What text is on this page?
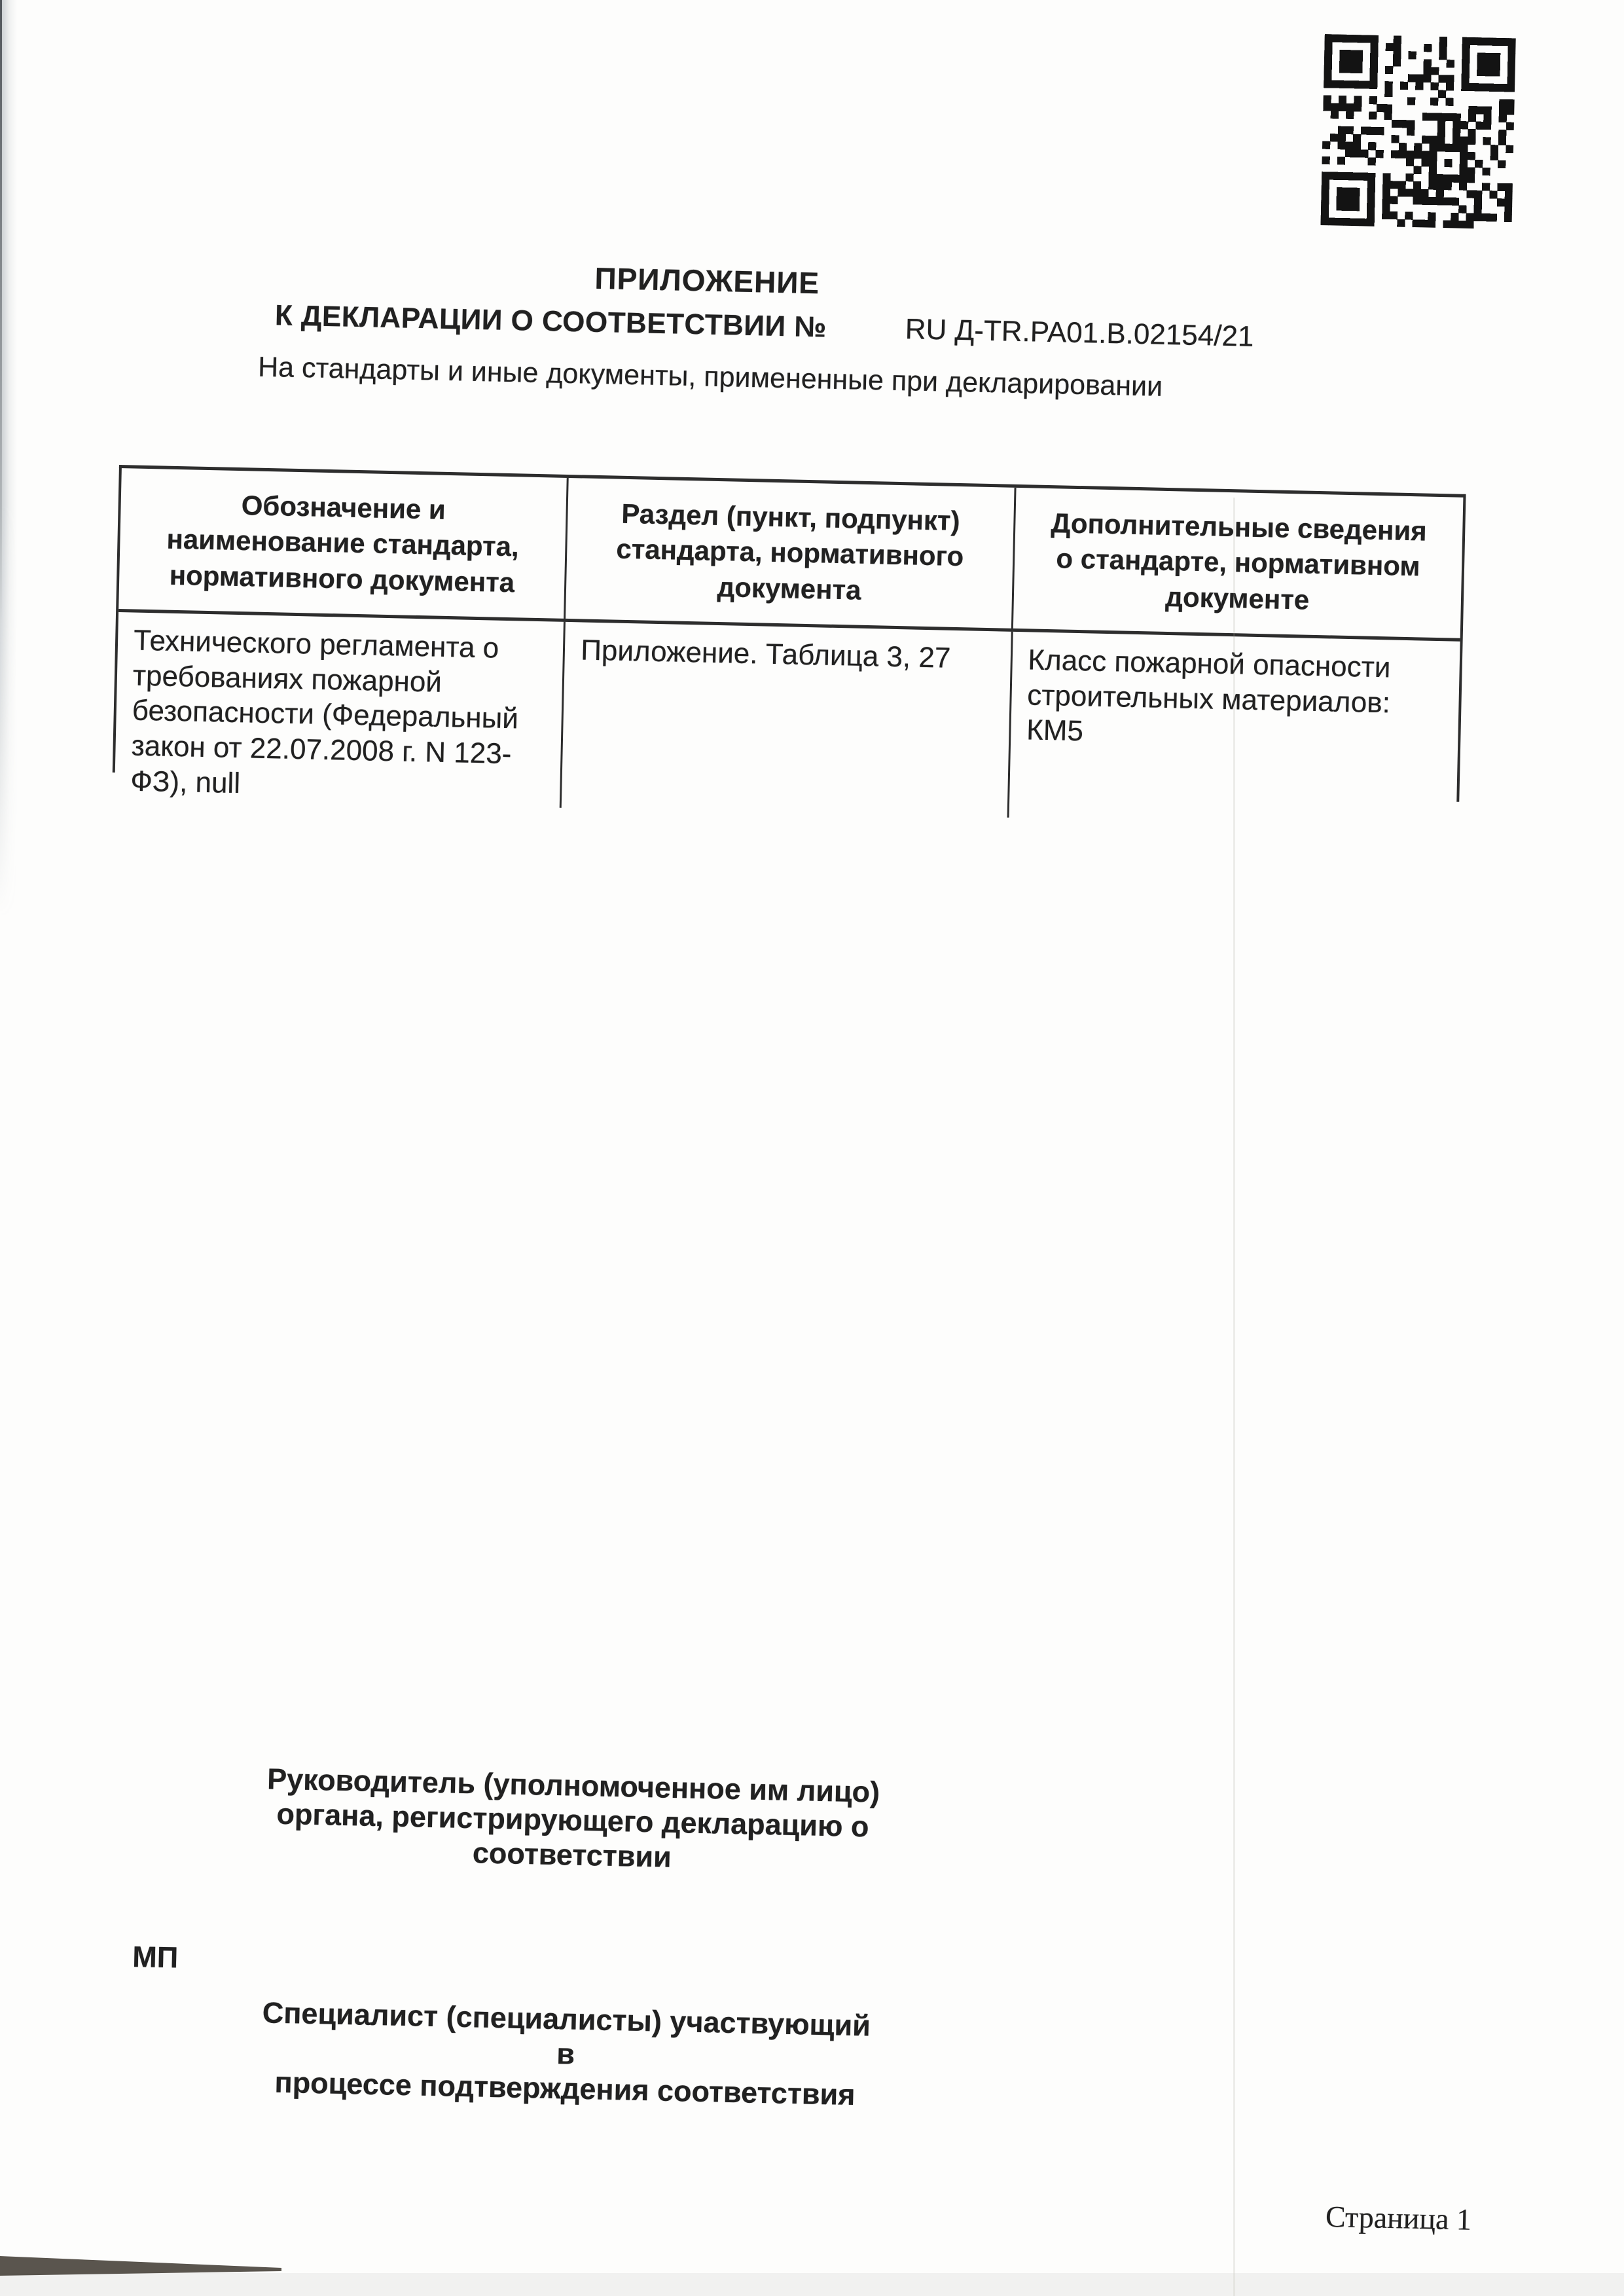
ПРИЛОЖЕНИЕ
К ДЕКЛАРАЦИИ О СООТВЕТСТВИИ №	RU Д-TR.PA01.B.02154/21
На стандарты и иные документы, примененные при декларировании
Обозначение и
наименование стандарта,
нормативного документа
Раздел (пункт, подпункт)
стандарта, нормативного
документа
Дополнительные сведения
о стандарте, нормативном
документе
Технического регламента о
требованиях пожарной
безопасности (Федеральный
закон от 22.07.2008 г. N 123-
ФЗ), null
Приложение. Таблица 3, 27	Класс пожарной опасности
строительных материалов:
КМ5
Руководитель (уполномоченное им лицо)
органа, регистрирующего декларацию о
соответствии
МП
Специалист (специалисты) участвующий в
процессе подтверждения соответствия
Страница 1
